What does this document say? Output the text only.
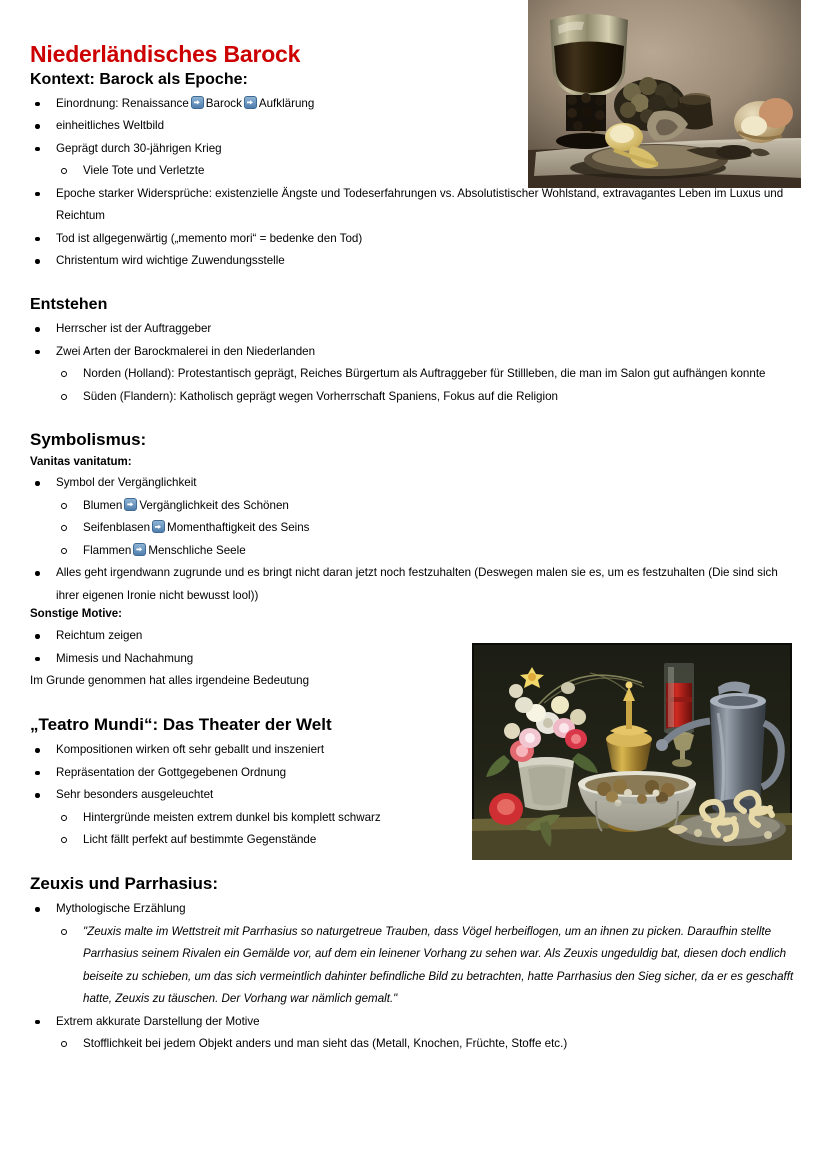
Niederländisches Barock
Kontext: Barock als Epoche:
Einordnung: Renaissance Barock Aufklärung
einheitliches Weltbild
Geprägt durch 30-jährigen Krieg
Viele Tote und Verletzte
Epoche starker Widersprüche: existenzielle Ängste und Todeserfahrungen vs. Absolutistischer Wohlstand, extravagantes Leben im Luxus und Reichtum
Tod ist allgegenwärtig („memento mori“ = bedenke den Tod)
Christentum wird wichtige Zuwendungsstelle
Entstehen
Herrscher ist der Auftraggeber
Zwei Arten der Barockmalerei in den Niederlanden
Norden (Holland): Protestantisch geprägt, Reiches Bürgertum als Auftraggeber für Stillleben, die man im Salon gut aufhängen konnte
Süden (Flandern): Katholisch geprägt wegen Vorherrschaft Spaniens, Fokus auf die Religion
Symbolismus:
Vanitas vanitatum:
Symbol der Vergänglichkeit
Blumen Vergänglichkeit des Schönen
Seifenblasen Momenthaftigkeit des Seins
Flammen Menschliche Seele
Alles geht irgendwann zugrunde und es bringt nicht daran jetzt noch festzuhalten (Deswegen malen sie es, um es festzuhalten (Die sind sich ihrer eigenen Ironie nicht bewusst lool))
Sonstige Motive:
Reichtum zeigen
Mimesis und Nachahmung
Im Grunde genommen hat alles irgendeine Bedeutung
„Teatro Mundi“: Das Theater der Welt
Kompositionen wirken oft sehr geballt und inszeniert
Repräsentation der Gottgegebenen Ordnung
Sehr besonders ausgeleuchtet
Hintergründe meisten extrem dunkel bis komplett schwarz
Licht fällt perfekt auf bestimmte Gegenstände
Zeuxis und Parrhasius:
Mythologische Erzählung
"Zeuxis malte im Wettstreit mit Parrhasius so naturgetreue Trauben, dass Vögel herbeiflogen, um an ihnen zu picken. Daraufhin stellte Parrhasius seinem Rivalen ein Gemälde vor, auf dem ein leinener Vorhang zu sehen war. Als Zeuxis ungeduldig bat, diesen doch endlich beiseite zu schieben, um das sich vermeintlich dahinter befindliche Bild zu betrachten, hatte Parrhasius den Sieg sicher, da er es geschafft hatte, Zeuxis zu täuschen. Der Vorhang war nämlich gemalt."
Extrem akkurate Darstellung der Motive
Stofflichkeit bei jedem Objekt anders und man sieht das (Metall, Knochen, Früchte, Stoffe etc.)
